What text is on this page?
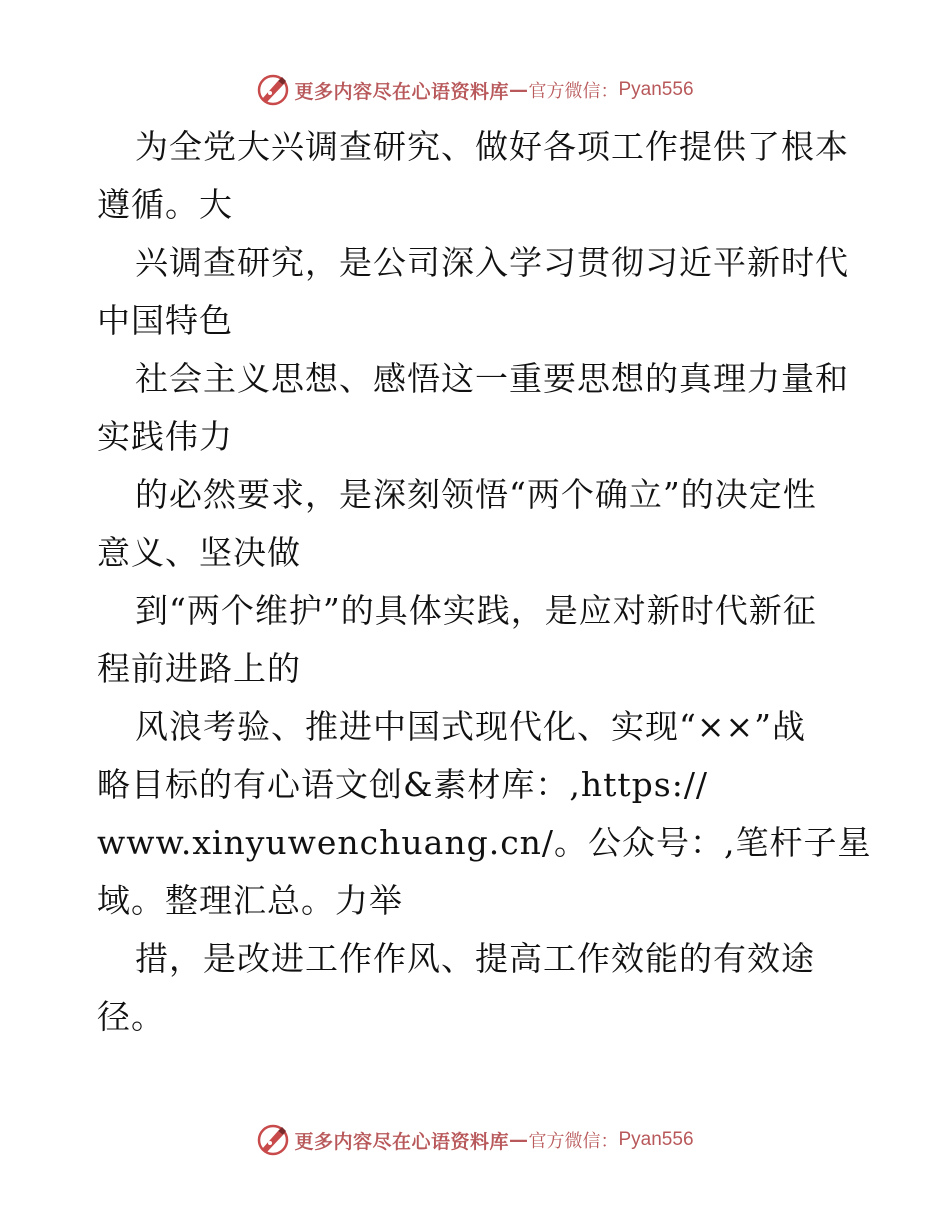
更多内容尽在心语资料库 — 官方微信： Pyan556
为全党大兴调查研究、做好各项工作提供了根本
遵循。大
兴调查研究，是公司深入学习贯彻习近平新时代
中国特色
社会主义思想、感悟这一重要思想的真理力量和
实践伟力
的必然要求，是深刻领悟“两个确立”的决定性
意义、坚决做
到“两个维护”的具体实践，是应对新时代新征
程前进路上的
风浪考验、推进中国式现代化、实现“××”战
略目标的有心语文创&素材库：,https://
www.xinyuwenchuang.cn/。公众号：,笔杆子星
域。整理汇总。力举
措，是改进工作作风、提高工作效能的有效途
径。
更多内容尽在心语资料库 — 官方微信： Pyan556
